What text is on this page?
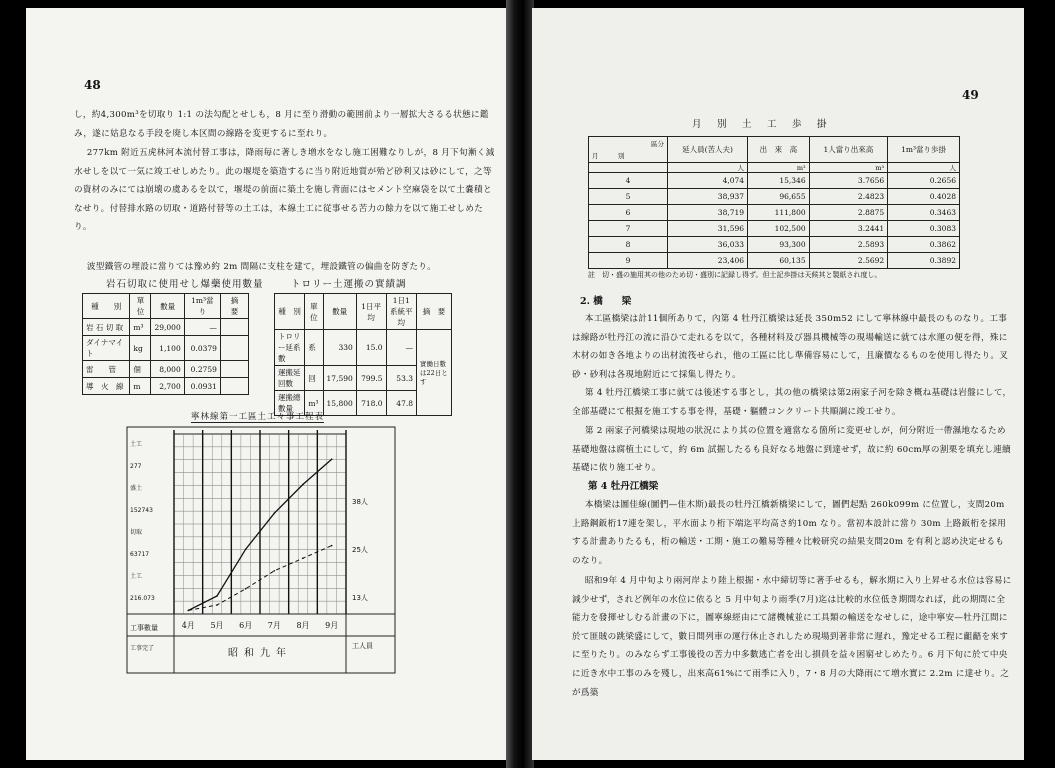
48
し，約4,300m³を切取り 1:1 の法勾配とせしも，8 月に至り滑動の範囲前より一層拡大さるる状態に鑑み，遂に姑息なる手段を廃し本区間の線路を変更するに至れり。
277km 附近五虎林河本流付替工事は，降雨毎に著しき増水をなし施工困難なりしが，8 月下旬漸く減水せしを以て一気に竣工せしめたり。此の堰堤を築造するに当り附近地質が殆ど砂利又は砂にして，之等の資材のみにては崩壊の虞あるを以て，堰堤の前面に築土を施し背面にはセメント空麻袋を以て土嚢積となせり。付替排水路の切取・道路付替等の土工は，本線土工に従事せる苦力の餘力を以て施工せしめたり。
波型鐵管の埋設に當りては豫め約 2m 間隔に支柱を建て，埋設鐵管の偏曲を防ぎたり。
岩石切取に使用せし爆藥使用數量	トロリー土運搬の實績調
種　　別	單位	數量	1m³當り	摘　要
岩 石 切 取	m³	29,000	—	
ダイナマイト	kg	1,100	0.0379	
雷　　管	個	8,000	0.2759	
導　火　線	m	2,700	0.0931	
種　別	單位	數量	1日平均	1日1系統平均	摘　要
トロリー延系數	系	330	15.0	—	實働日數は22日とす
運搬延回數	回	17,590	799.5	53.3	
運搬總數量	m³	15,800	718.0	47.8	
寧林線第一工區土工々事工程表
土工
277
盛土
152743
切取
63717
土工
216.073
38人
25人
13人
4月 5月 6月 7月 8月 9月
昭和九年
工事數量
工事完了	工人員
49
月　別　土　工　歩　掛
區分
月　　　別	延人員(苦人夫)	出　來　高	1人當り出來高	1m³當り歩掛
	人	m³	m³	人
4	4,074	15,346	3.7656	0.2656
5	38,937	96,655	2.4823	0.4028
6	38,719	111,800	2.8875	0.3463
7	31,596	102,500	3.2441	0.3083
8	36,033	93,300	2.5893	0.3862
9	23,406	60,135	2.5692	0.3892
註　切・盛の施用其の他のため切・盛別に記録し得ず。但土記歩掛は天候其と製紙され度し。
2. 橋　　梁
本工區橋梁は計11個所ありて，內第 4 牡丹江橋梁は延長 350m52 にして寧林線中最長のものなり。工事は線路が牡丹江の流に沿ひて走れるを以て，各種材料及び器具機械等の現場輸送に就ては水運の便を得，殊に木材の如き各地よりの出材流筏せられ，他の工區に比し準備容易にして，且廉價なるものを使用し得たり。叉砂・砂利は各現地附近にて採集し得たり。
第 4 牡丹江橋梁工事に就ては後述する事とし，其の他の橋梁は第2兩家子河を除き概ね基礎は岩盤にして，全部基礎にて根掘を施工する事を得，基礎・軀體コンクリート共順調に竣工せり。
第 2 兩家子河橋梁は現地の狀況により其の位置を適當なる箇所に変更せしが，何分附近一帶濕地なるため基礎地盤は腐植土にして，約 6m 試掘したるも良好なる地盤に到達せず，故に約 60cm厚の割栗を填充し連續基礎に依り施工せり。
第 4 牡丹江橋梁
本橋梁は圖佳線(圖們—佳木斯)最長の牡丹江橋新橋梁にして，圖們起點 260k099m に位置し，支間20m 上路鋼鈑桁17連を架し，平水面より桁下端迄平均高さ約10m なり。當初本設計に當り 30m 上路鈑桁を採用する計畫ありたるも，桁の輸送・工期・施工の難易等種々比較研究の結果支間20m を有利と認め決定せるものなり。
昭和9年 4 月中旬より兩河岸より陸上根掘・水中締切等に著手せるも，解氷期に入り上昇せる水位は容易に減少せず，されど例年の水位に依ると 5 月中旬より雨季(7月)迄は比較的水位低き期間なれば，此の期間に全能力を發揮せしむる計畫の下に，圖寧線經由にて諸機械並に工具類の輸送をなせしに，途中寧安—牡丹江間に於て匪賊の跳梁盛にして，數日間列車の運行休止されしため現場到著非常に遅れ，豫定せる工程に齟齬を來すに至りたり。のみならず工事後役の苦力中多數逃亡者を出し損員を益々困窮せしめたり。6 月下旬に於て中央に近き水中工事のみを殘し，出來高61%にて雨季に入り，7・8 月の大降雨にて増水實に 2.2m に達せり。之が爲築
